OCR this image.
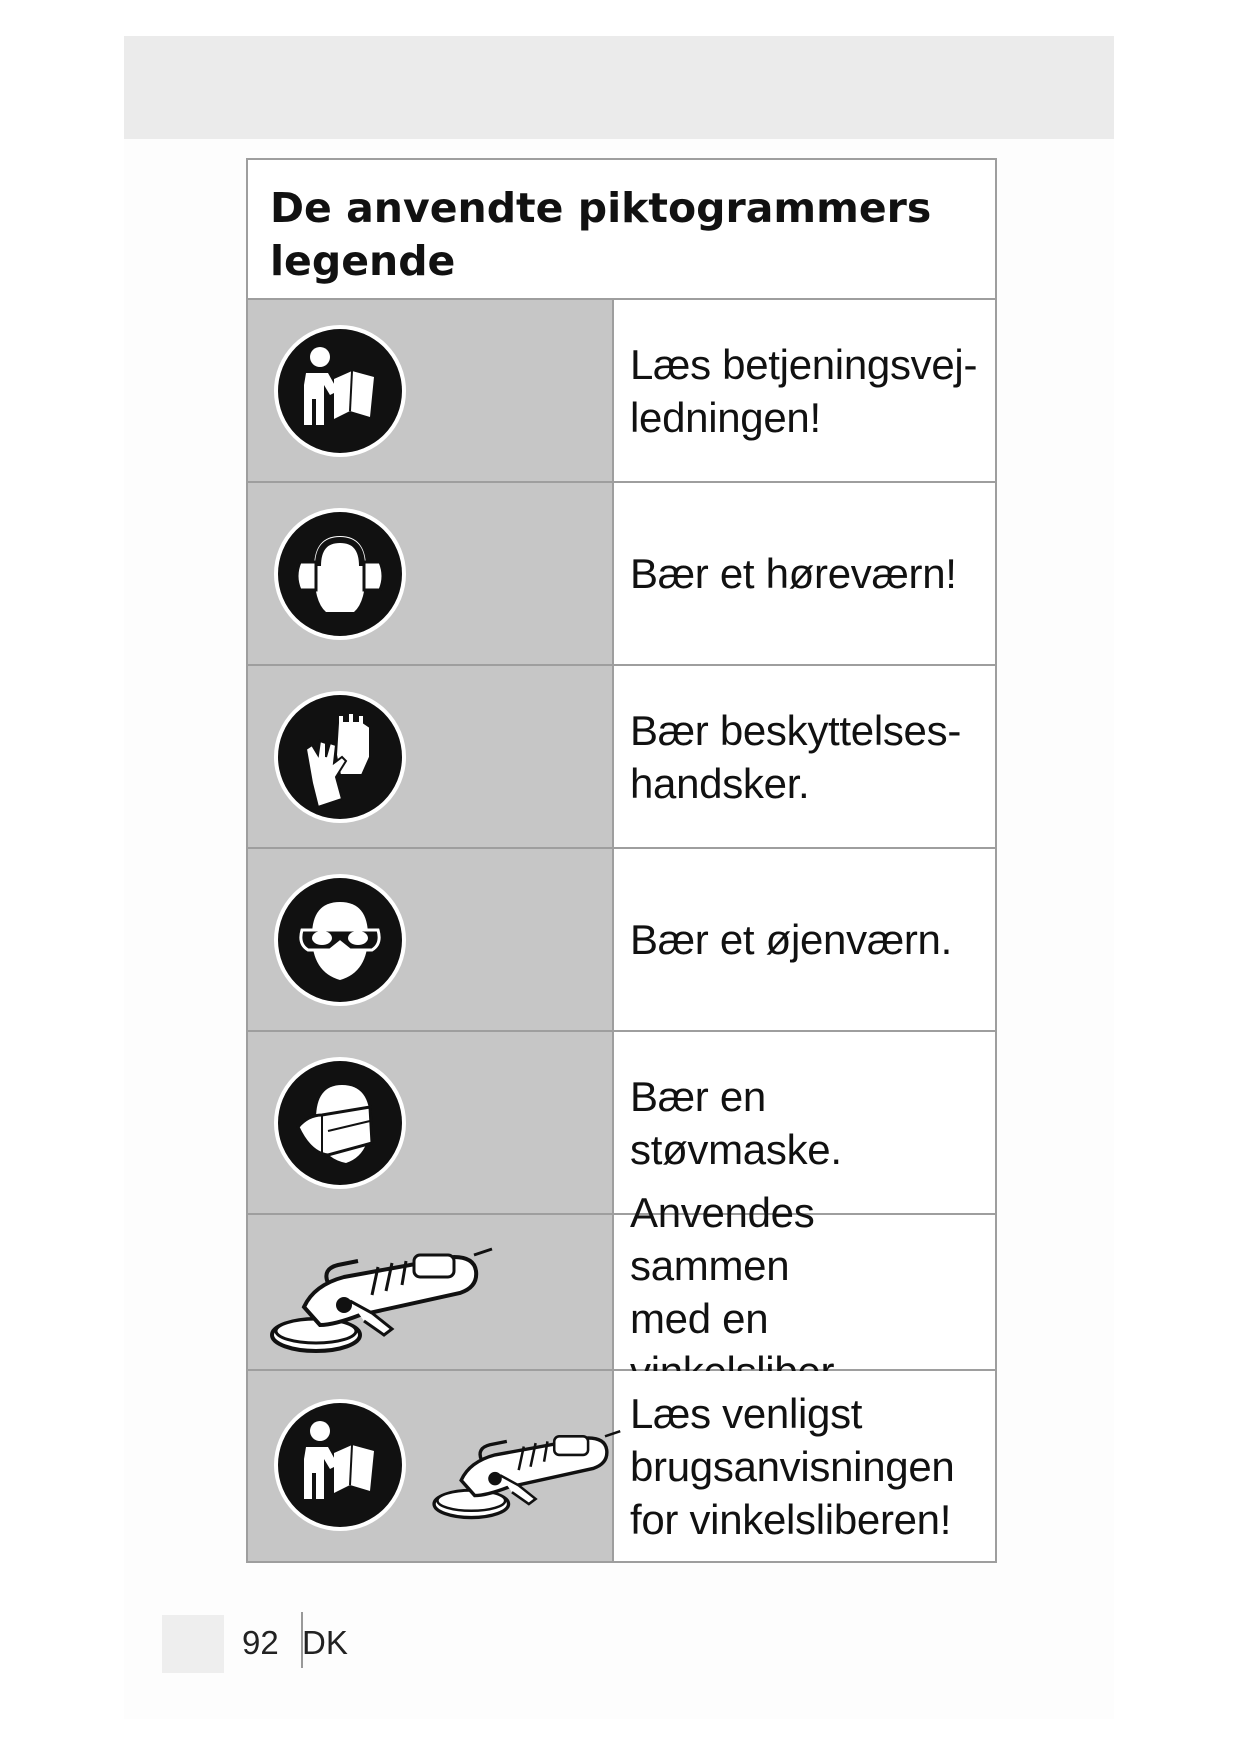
De anvendte piktogrammers
legende
Læs betjeningsvej-
ledningen!
Bær et høreværn!
Bær beskyttelses-
handsker.
Bær et øjenværn.
Bær en støvmaske.
Anvendes sammen
med en
Læs venligst
brugsanvisningen
for vinkelsliberen!
92 DK
